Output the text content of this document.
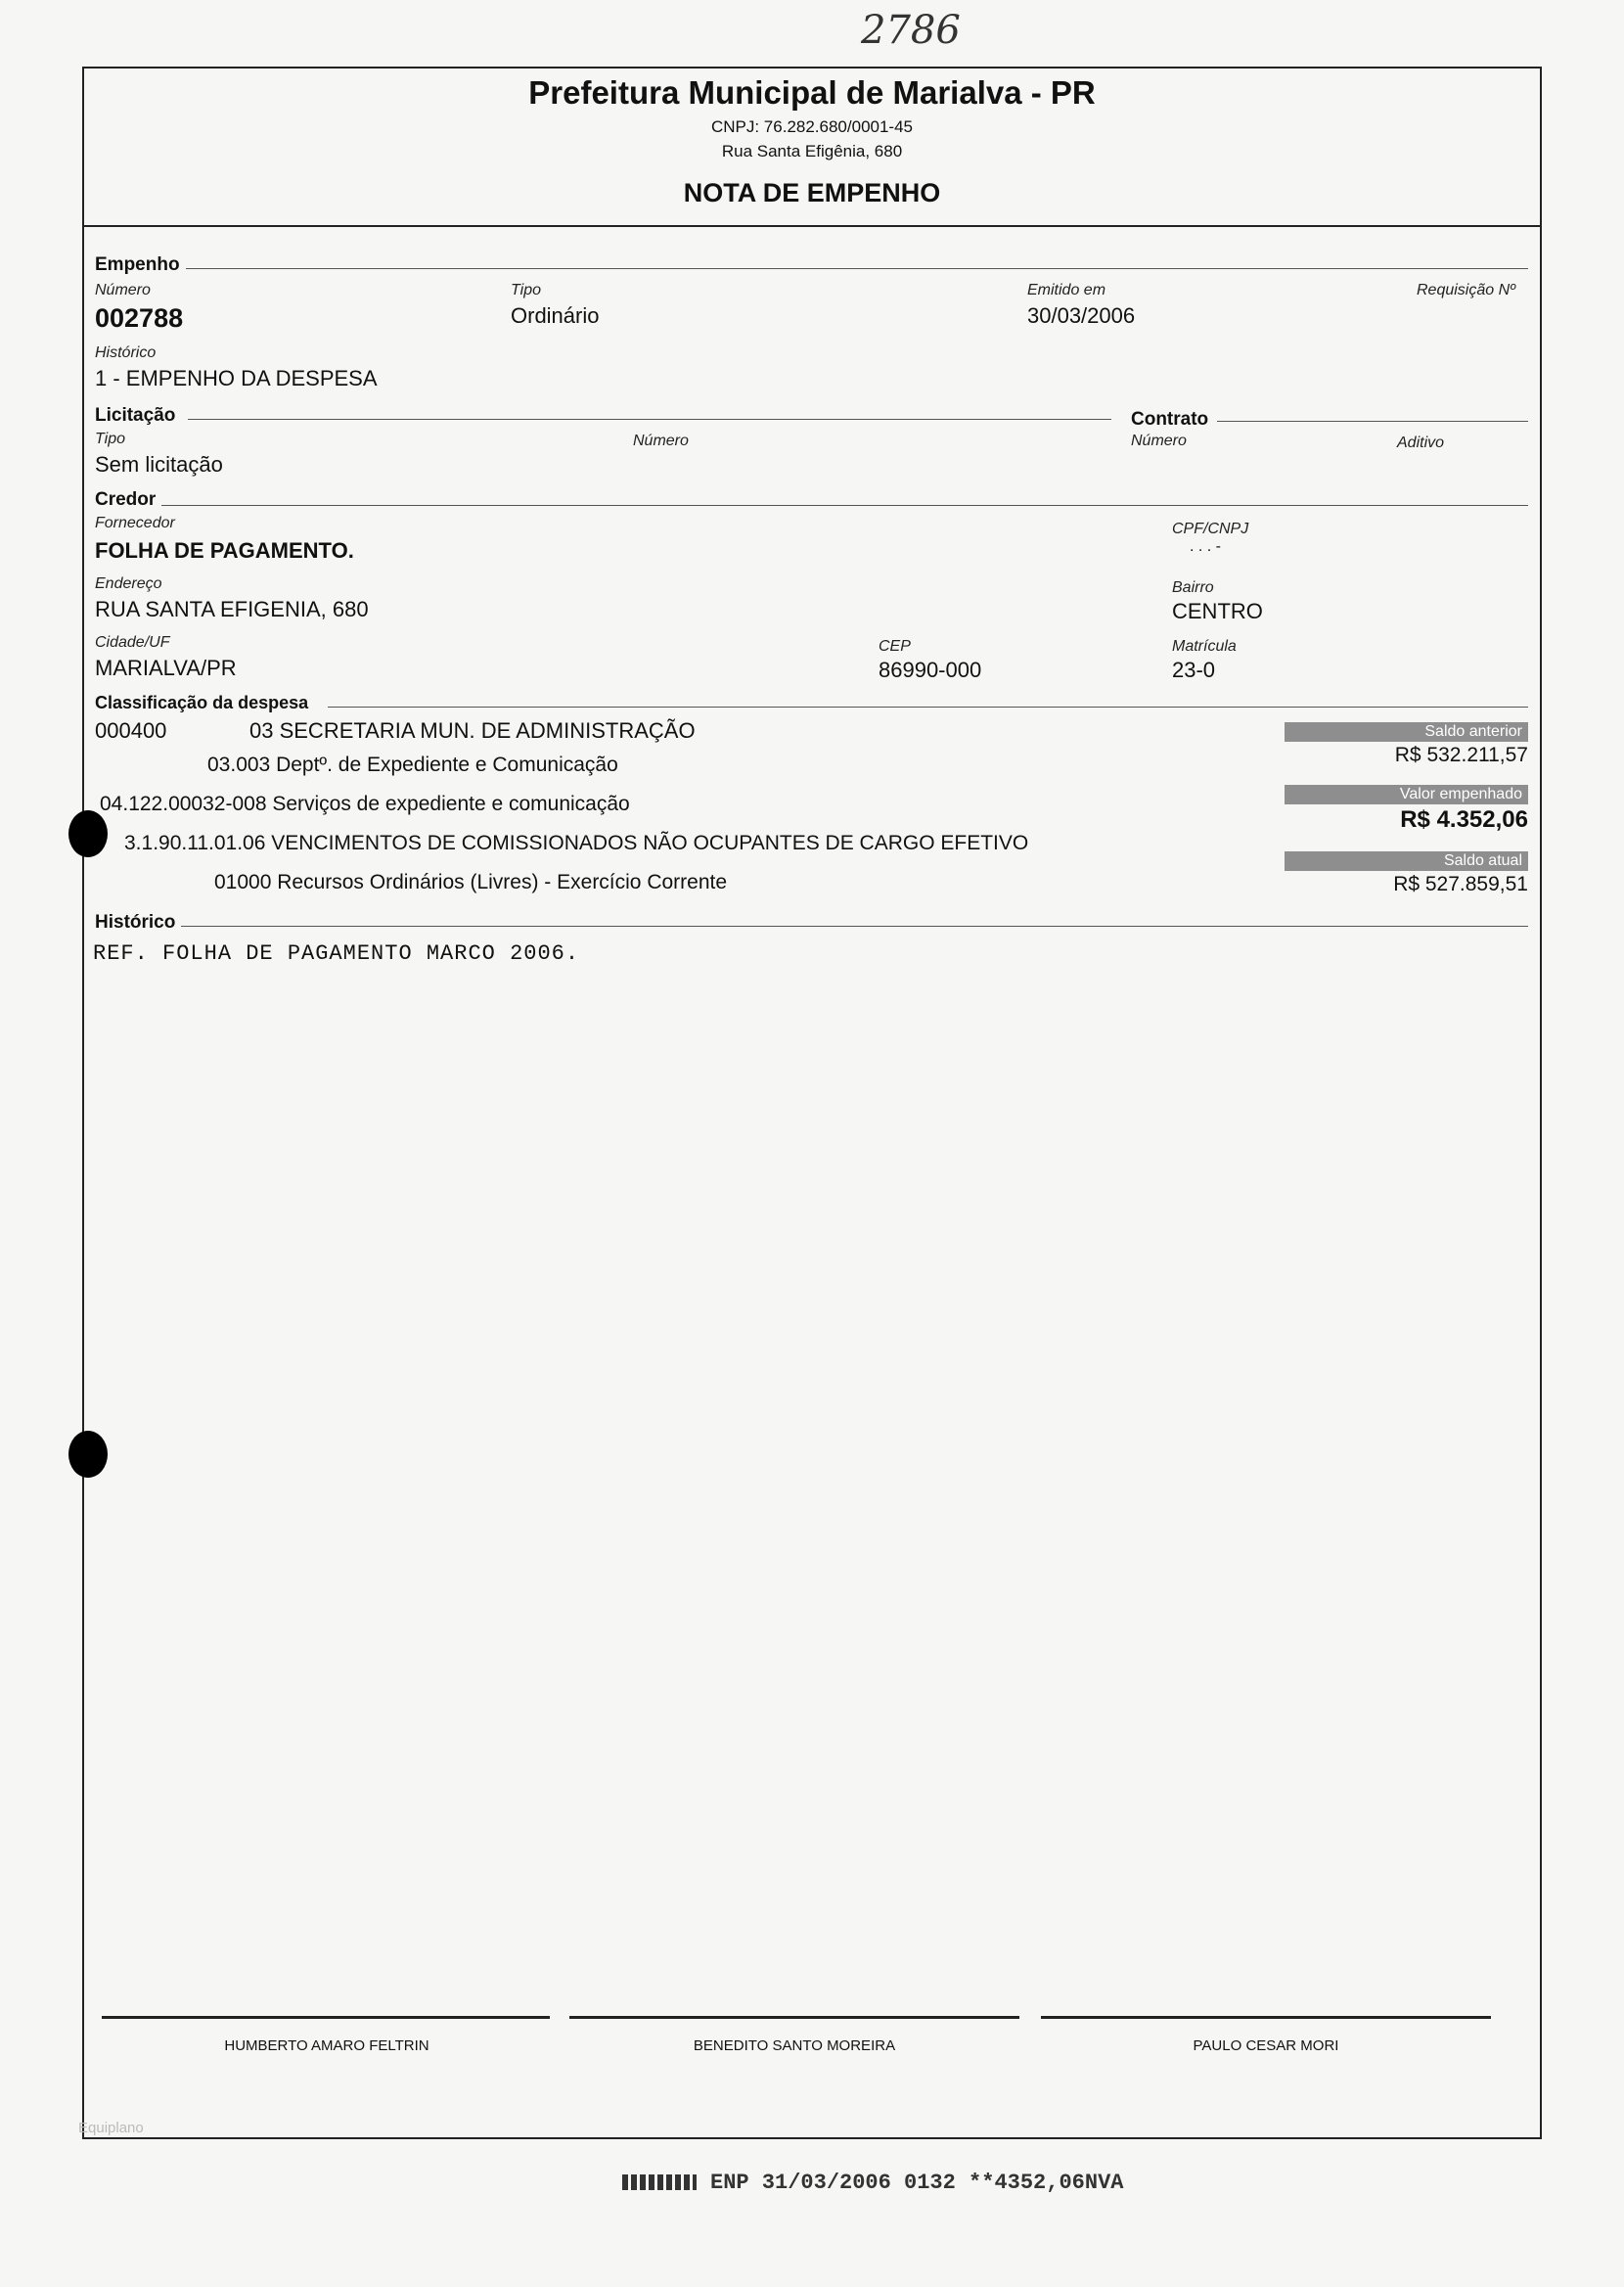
2786
Prefeitura Municipal de Marialva - PR
CNPJ: 76.282.680/0001-45
Rua Santa Efigênia, 680
NOTA DE EMPENHO
Empenho
Número
002788
Tipo
Ordinário
Emitido em
30/03/2006
Requisição Nº
Histórico
1 - EMPENHO DA DESPESA
Licitação	Contrato
Tipo
Sem licitação
Número	Número	Aditivo
Credor
Fornecedor
FOLHA DE PAGAMENTO.
CPF/CNPJ
. . . -
Endereço
RUA SANTA EFIGENIA, 680
Bairro
CENTRO
Cidade/UF
MARIALVA/PR
CEP
86990-000
Matrícula
23-0
Classificação da despesa
000400	03 SECRETARIA MUN. DE ADMINISTRAÇÃO
03.003 Deptº. de Expediente e Comunicação
04.122.00032-008 Serviços de expediente e comunicação
3.1.90.11.01.06 VENCIMENTOS DE COMISSIONADOS NÃO OCUPANTES DE CARGO EFETIVO
01000 Recursos Ordinários (Livres) - Exercício Corrente
Saldo anterior
R$ 532.211,57
Valor empenhado
R$ 4.352,06
Saldo atual
R$ 527.859,51
Histórico
REF. FOLHA DE PAGAMENTO MARCO 2006.
HUMBERTO AMARO FELTRIN	BENEDITO SANTO MOREIRA	PAULO CESAR MORI
Equiplano
ENP 31/03/2006 0132 **4352,06NVA
